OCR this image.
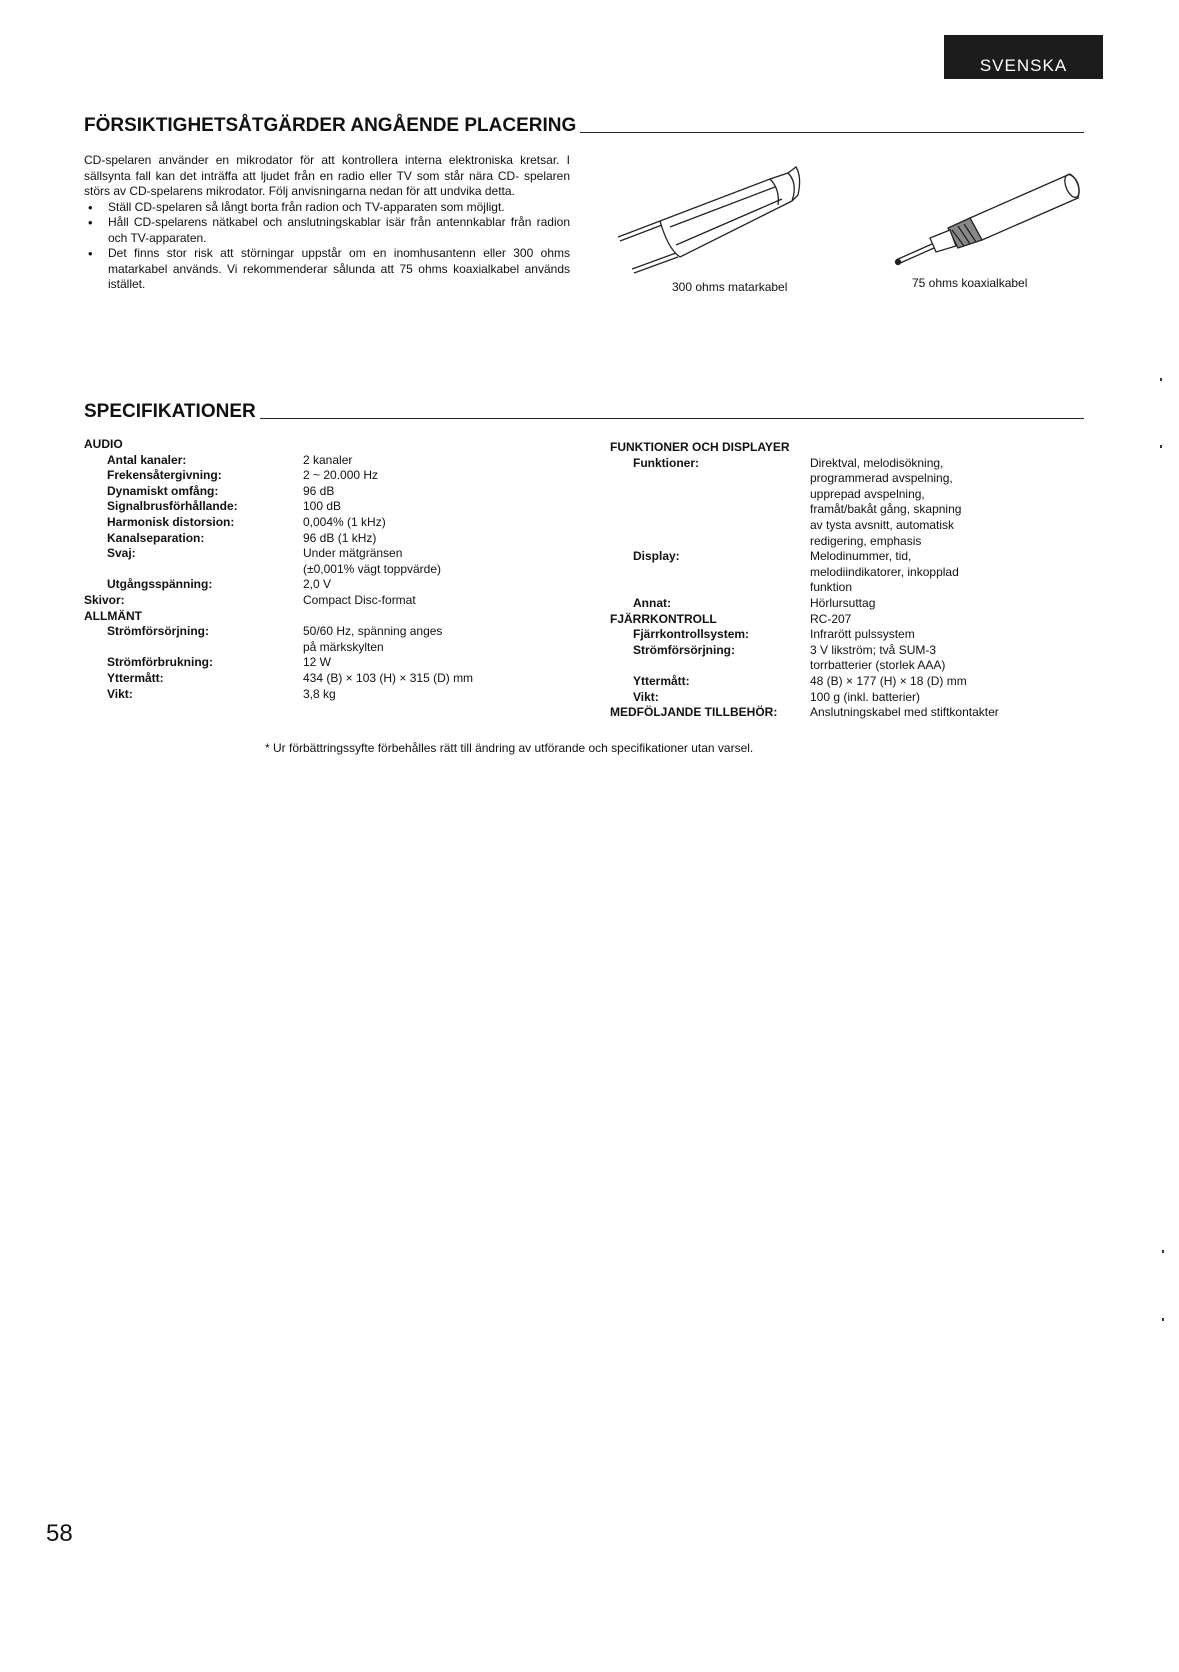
SVENSKA
FÖRSIKTIGHETSÅTGÄRDER ANGÅENDE PLACERING

CD-spelaren använder en mikrodator för att kontrollera interna elektroniska kretsar. I sällsynta fall kan det inträffa att ljudet från en radio eller TV som står nära CD- spelaren störs av CD-spelarens mikrodator. Följ anvisningarna nedan för att undvika detta.

• Ställ CD-spelaren så långt borta från radion och TV-apparaten som möjligt.
• Håll CD-spelarens nätkabel och anslutningskablar isär från antennkablar från radion och TV-apparaten.
• Det finns stor risk att störningar uppstår om en inomhusantenn eller 300 ohms matarkabel används. Vi rekommenderar sålunda att 75 ohms koaxialkabel används istället.	300 ohms matarkabel	75 ohms koaxialkabel
SPECIFIKATIONER
AUDIO
Antal kanaler:	2 kanaler
Frekensåtergivning:	2 ~ 20.000 Hz
Dynamiskt omfång:	96 dB
Signalbrusförhållande:	100 dB
Harmonisk distorsion:	0,004% (1 kHz)
Kanalseparation:	96 dB (1 kHz)
Svaj:	Under mätgränsen
(±0,001% vägt toppvärde)
Utgångsspänning:	2,0 V
Skivor:	Compact Disc-format
ALLMÄNT
Strömförsörjning:	50/60 Hz, spänning anges
på märkskylten
Strömförbrukning:	12 W
Yttermått:	434 (B) × 103 (H) × 315 (D) mm
Vikt:	3,8 kg
FUNKTIONER OCH DISPLAYER
Funktioner:	Direktval, melodisökning,
programmerad avspelning,
upprepad avspelning,
framåt/bakåt gång, skapning
av tysta avsnitt, automatisk
redigering, emphasis
Display:	Melodinummer, tid,
melodiindikatorer, inkopplad
funktion
Annat:	Hörlursuttag
FJÄRRKONTROLL	RC-207
Fjärrkontrollsystem:	Infrarött pulssystem
Strömförsörjning:	3 V likström; två SUM-3
torrbatterier (storlek AAA)
Yttermått:	48 (B) × 177 (H) × 18 (D) mm
Vikt:	100 g (inkl. batterier)
MEDFÖLJANDE TILLBEHÖR:	Anslutningskabel med stiftkontakter
* Ur förbättringssyfte förbehålles rätt till ändring av utförande och specifikationer utan varsel.
58
